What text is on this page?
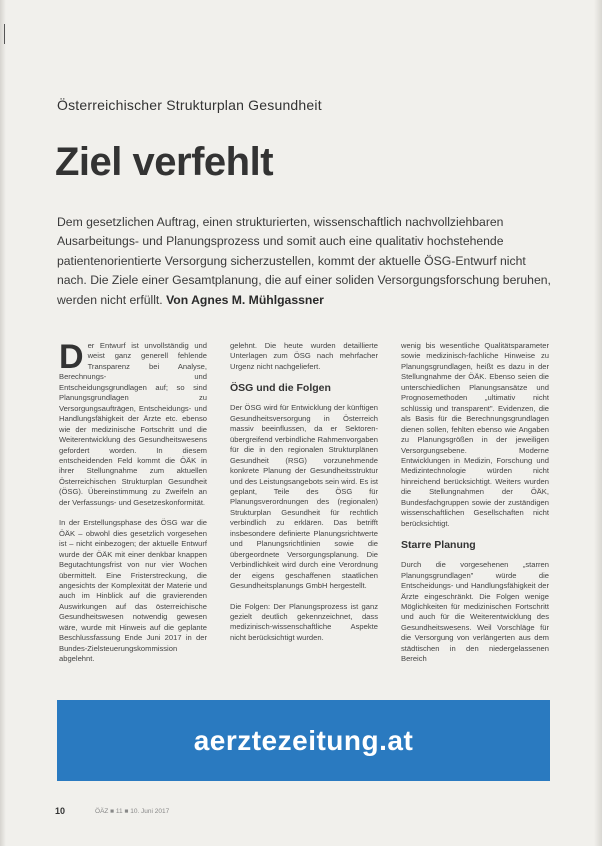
Österreichischer Strukturplan Gesundheit
Ziel verfehlt
Dem gesetzlichen Auftrag, einen strukturierten, wissenschaftlich nachvollziehbaren Ausarbeitungs- und Planungsprozess und somit auch eine qualitativ hochstehende patientenorientierte Versorgung sicherzustellen, kommt der aktuelle ÖSG-Entwurf nicht nach. Die Ziele einer Gesamtplanung, die auf einer soliden Versorgungsforschung beruhen, werden nicht erfüllt. Von Agnes M. Mühlgassner

Der Entwurf ist unvollständig und weist ganz generell fehlende Transparenz bei Analyse, Berechnungs- und Entscheidungsgrundlagen auf; so sind Planungsgrundlagen zu Versorgungsaufträgen, Entscheidungs- und Handlungsfähigkeit der Ärzte etc. ebenso wie der medizinische Fortschritt und die Weiterentwicklung des Gesundheitswesens gefordert worden. In diesem entscheidenden Feld kommt die ÖÄK in ihrer Stellungnahme zum aktuellen Österreichischen Strukturplan Gesundheit (ÖSG). Übereinstimmung zu Zweifeln an der Verfassungs- und Gesetzeskonformität.

In der Erstellungsphase des ÖSG war die ÖÄK – obwohl dies gesetzlich vorgesehen ist – nicht einbezogen; der aktuelle Entwurf wurde der ÖÄK mit einer denkbar knappen Begutachtungsfrist von nur vier Wochen übermittelt. Eine Fristerstreckung, die angesichts der Komplexität der Materie und auch im Hinblick auf die gravierenden Auswirkungen auf das österreichische Gesundheitswesen notwendig gewesen wäre, wurde mit Hinweis auf die geplante Beschlussfassung Ende Juni 2017 in der Bundes-Zielsteuerungskommission abgelehnt.

gelehnt. Die heute wurden detaillierte Unterlagen zum ÖSG nach mehrfacher Urgenz nicht nachgeliefert.

ÖSG und die Folgen

Der ÖSG wird für Entwicklung der künftigen Gesundheitsversorgung in Österreich massiv beeinflussen, da er Sektoren-übergreifend verbindliche Rahmenvorgaben für die in den regionalen Strukturplänen Gesundheit (RSG) vorzunehmende konkrete Planung der Gesundheitsstruktur und des Leistungsangebots sein wird. Es ist geplant, Teile des ÖSG für Planungsverordnungen des (regionalen) Strukturplan Gesundheit für rechtlich verbindlich zu erklären. Das betrifft insbesondere definierte Planungsrichtwerte und Planungsrichtlinien sowie die übergeordnete Versorgungsplanung. Die Verbindlichkeit wird durch eine Verordnung der eigens geschaffenen staatlichen Gesundheitsplanungs GmbH hergestellt.

Die Folgen: Der Planungsprozess ist ganz gezielt deutlich gekennzeichnet, dass medizinisch-wissenschaftliche Aspekte nicht berücksichtigt wurden.

wenig bis wesentliche Qualitätsparameter sowie medizinisch-fachliche Hinweise zu Planungsgrundlagen, heißt es dazu in der Stellungnahme der ÖÄK. Ebenso seien die unterschiedlichen Planungsansätze und Prognosemethoden „ultimativ nicht schlüssig und transparent". Evidenzen, die als Basis für die Berechnungsgrundlagen dienen sollen, fehlten ebenso wie Angaben zu Planungsgrößen in der jeweiligen Versorgungsebene. Moderne Entwicklungen in Medizin, Forschung und Medizintechnologie würden nicht hinreichend berücksichtigt. Weiters wurden die Stellungnahmen der ÖÄK, Bundesfachgruppen sowie der zuständigen wissenschaftlichen Gesellschaften nicht berücksichtigt.

Starre Planung

Durch die vorgesehenen „starren Planungsgrundlagen" würde die Entscheidungs- und Handlungsfähigkeit der Ärzte eingeschränkt. Die Folgen wenige Möglichkeiten für medizinischen Fortschritt und auch für die Weiterentwicklung des Gesundheitswesens. Weil Vorschläge für die Versorgung von verlängerten aus dem städtischen in den niedergelassenen Bereich

aerztezeitung.at
10	ÖÄZ ■ 11 ■ 10. Juni 2017
